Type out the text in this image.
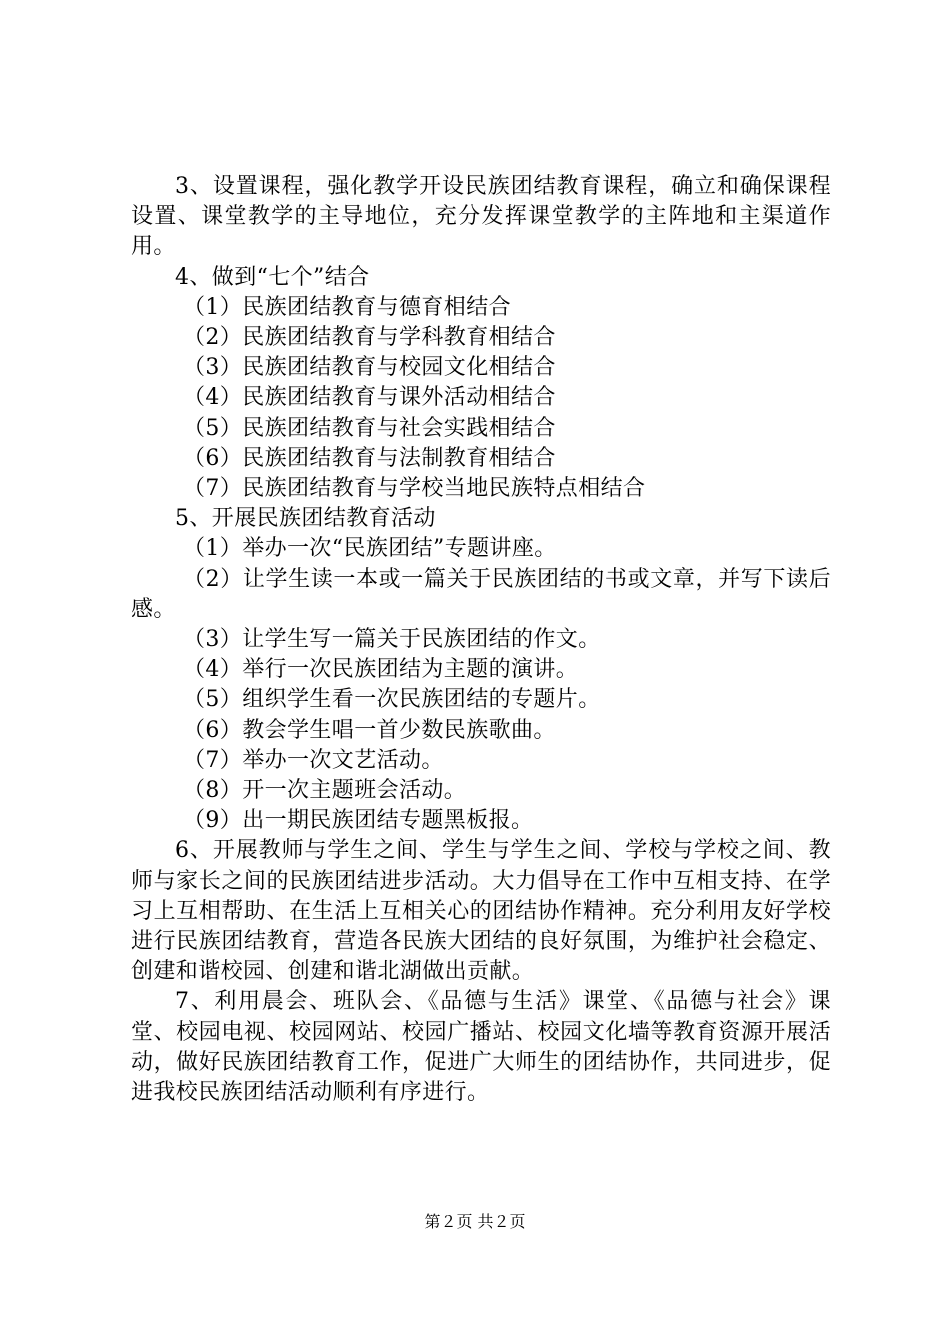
3、设置课程，强化教学开设民族团结教育课程，确立和确保课程设置、课堂教学的主导地位，充分发挥课堂教学的主阵地和主渠道作用。

4、做到“七个”结合

（1）民族团结教育与德育相结合

（2）民族团结教育与学科教育相结合

（3）民族团结教育与校园文化相结合

（4）民族团结教育与课外活动相结合

（5）民族团结教育与社会实践相结合

（6）民族团结教育与法制教育相结合

（7）民族团结教育与学校当地民族特点相结合

5、开展民族团结教育活动

（1）举办一次“民族团结”专题讲座。

（2）让学生读一本或一篇关于民族团结的书或文章，并写下读后感。

（3）让学生写一篇关于民族团结的作文。

（4）举行一次民族团结为主题的演讲。

（5）组织学生看一次民族团结的专题片。

（6）教会学生唱一首少数民族歌曲。

（7）举办一次文艺活动。

（8）开一次主题班会活动。

（9）出一期民族团结专题黑板报。

6、开展教师与学生之间、学生与学生之间、学校与学校之间、教师与家长之间的民族团结进步活动。大力倡导在工作中互相支持、在学习上互相帮助、在生活上互相关心的团结协作精神。充分利用友好学校进行民族团结教育，营造各民族大团结的良好氛围，为维护社会稳定、创建和谐校园、创建和谐北湖做出贡献。

7、利用晨会、班队会、《品德与生活》课堂、《品德与社会》课堂、校园电视、校园网站、校园广播站、校园文化墙等教育资源开展活动，做好民族团结教育工作，促进广大师生的团结协作，共同进步，促进我校民族团结活动顺利有序进行。

第２页 共２页
